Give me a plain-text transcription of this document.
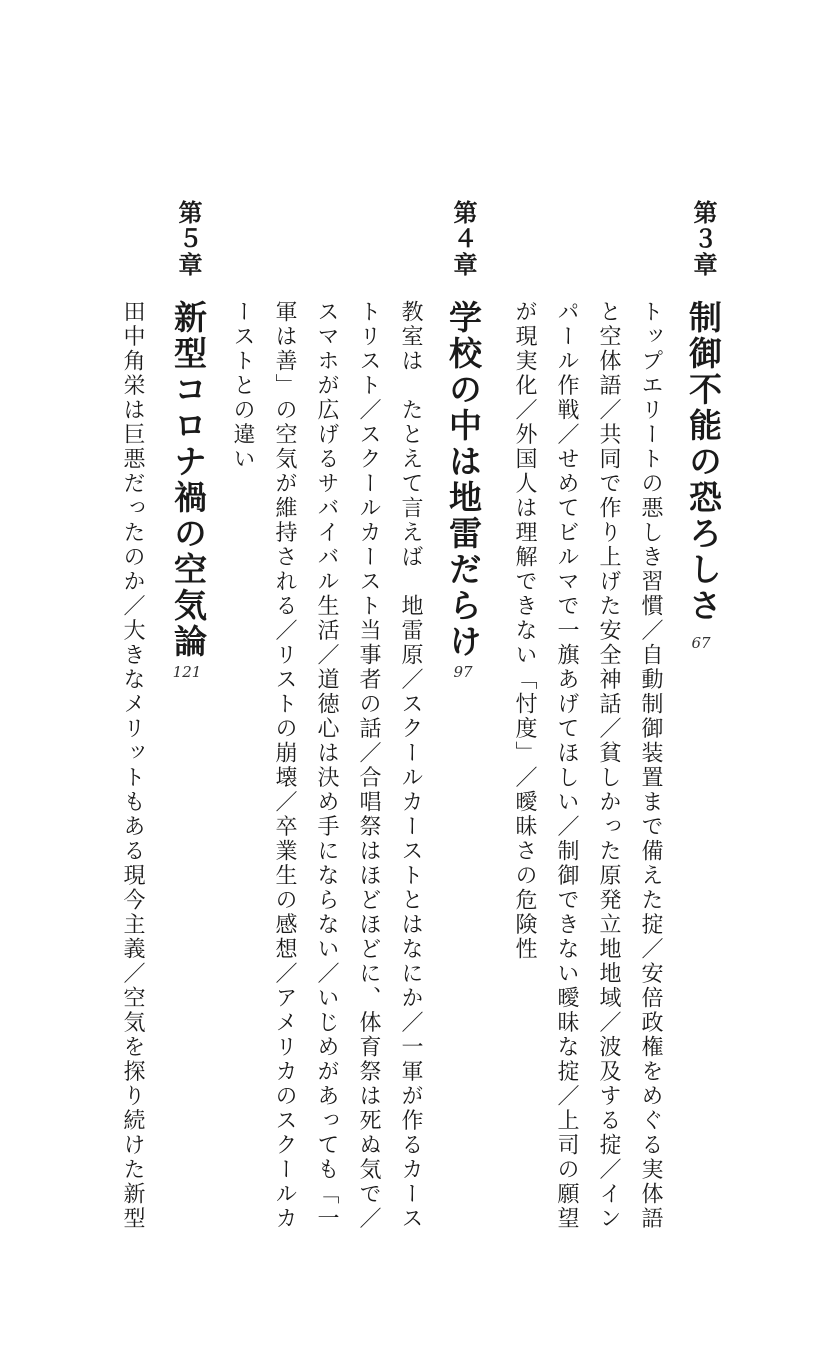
第３章
制御不能の恐ろしさ
67
トップエリートの悪しき習慣／自動制御装置まで備えた掟／安倍政権をめぐる実体語
と空体語／共同で作り上げた安全神話／貧しかった原発立地地域／波及する掟／イン
パール作戦／せめてビルマで一旗あげてほしい／制御できない曖昧な掟／上司の願望
が現実化／外国人は理解できない「忖度」／曖昧さの危険性
第４章
学校の中は地雷だらけ
97
教室は　たとえて言えば　地雷原／スクールカーストとはなにか／一軍が作るカース
トリスト／スクールカースト当事者の話／合唱祭はほどほどに、体育祭は死ぬ気で／
スマホが広げるサバイバル生活／道徳心は決め手にならない／いじめがあっても「一
軍は善」の空気が維持される／リストの崩壊／卒業生の感想／アメリカのスクールカ
ーストとの違い
第５章
新型コロナ禍の空気論
121
田中角栄は巨悪だったのか／大きなメリットもある現今主義／空気を探り続けた新型
